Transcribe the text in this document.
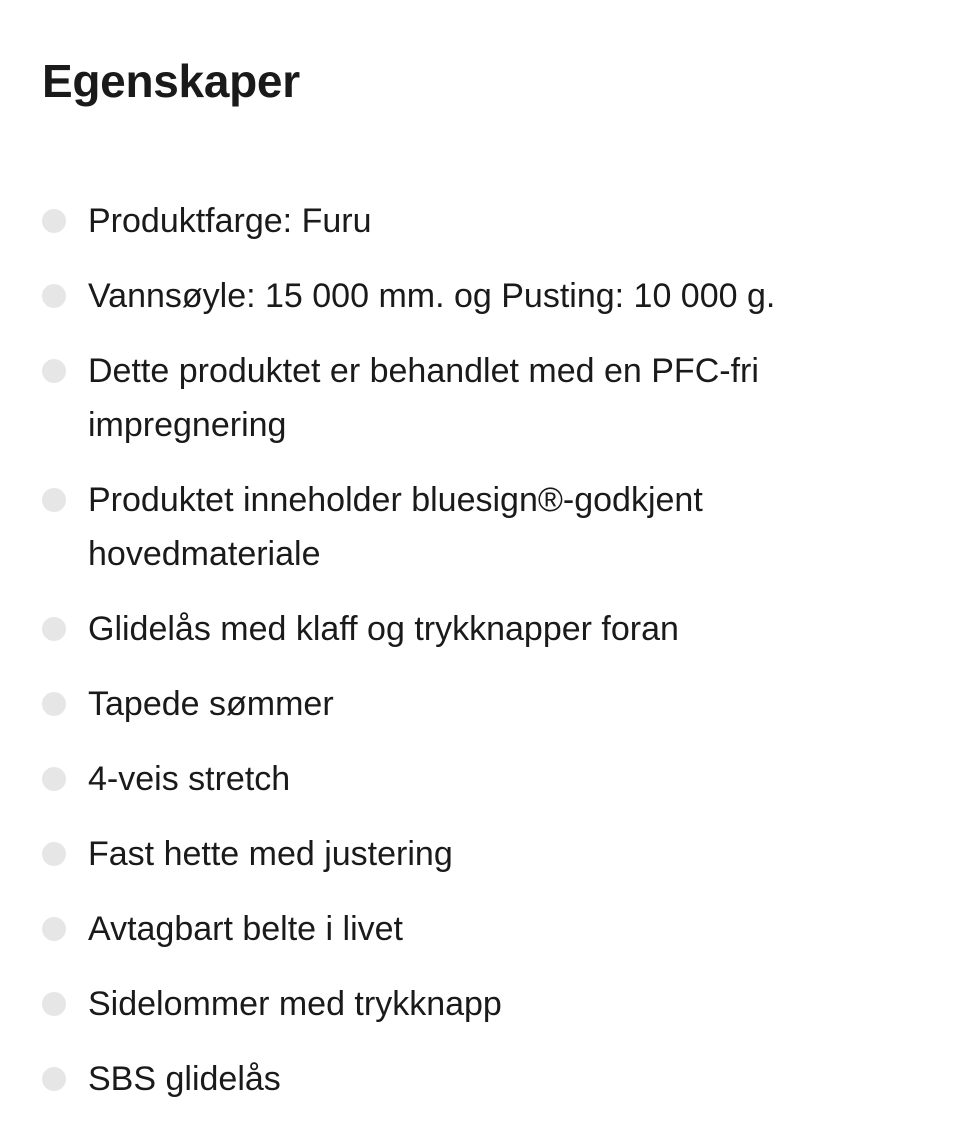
Egenskaper
Produktfarge: Furu
Vannsøyle: 15 000 mm. og Pusting: 10 000 g.
Dette produktet er behandlet med en PFC-fri impregnering
Produktet inneholder bluesign®-godkjent hovedmateriale
Glidelås med klaff og trykknapper foran
Tapede sømmer
4-veis stretch
Fast hette med justering
Avtagbart belte i livet
Sidelommer med trykknapp
SBS glidelås
